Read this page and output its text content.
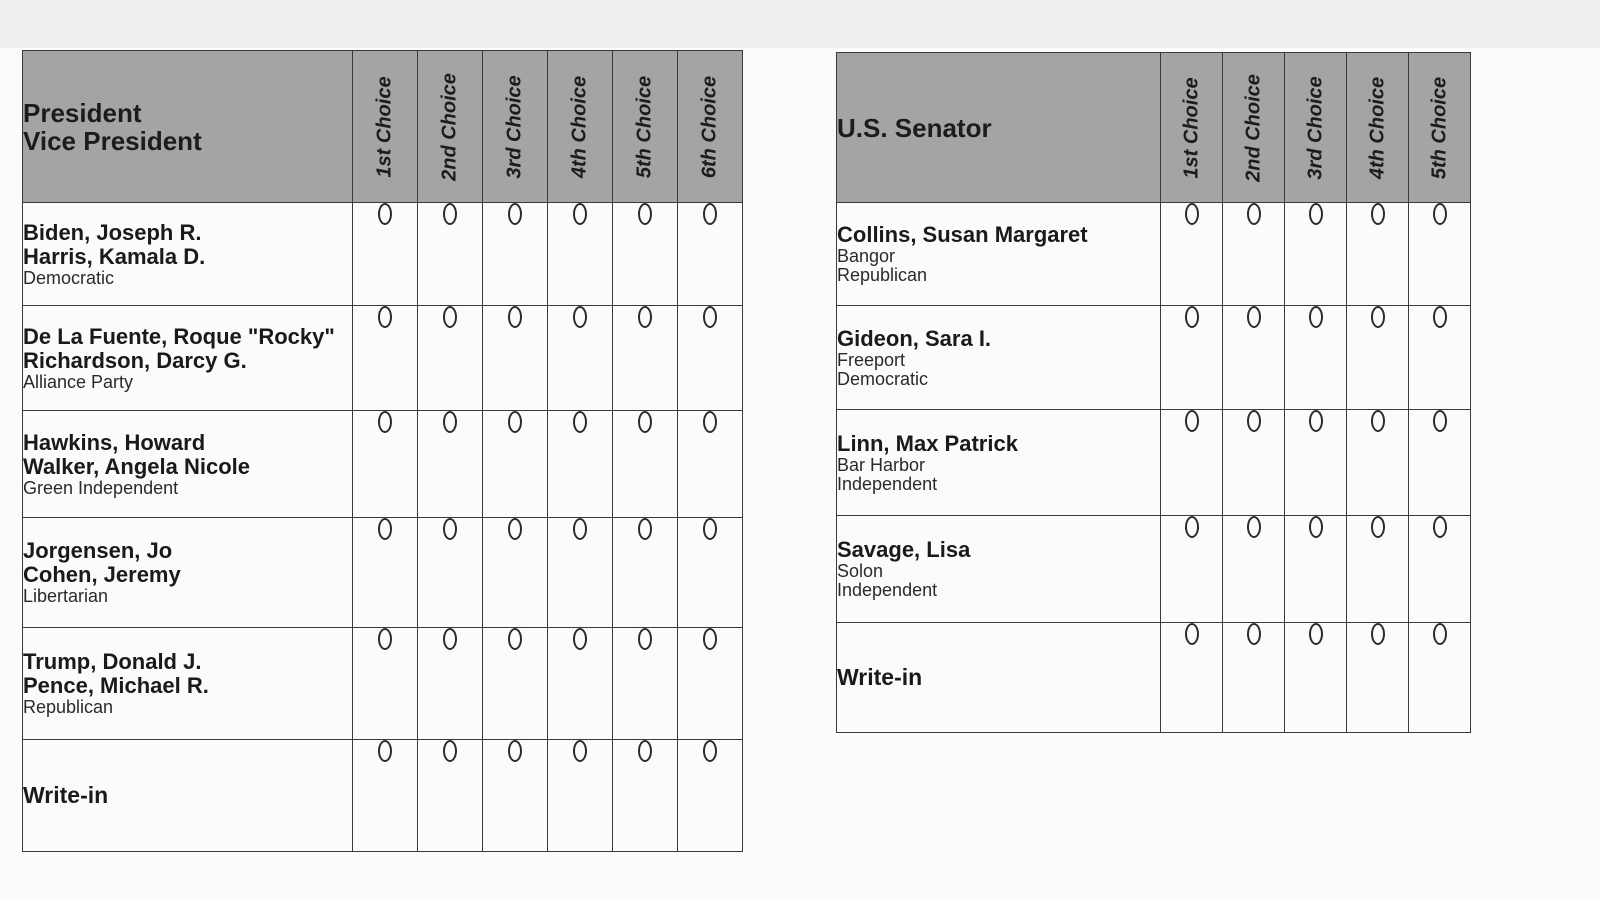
President
Vice President	1st Choice	2nd Choice	3rd Choice	4th Choice	5th Choice	6th Choice

Biden, Joseph R.
Harris, Kamala D.
Democratic						

De La Fuente, Roque "Rocky"
Richardson, Darcy G.
Alliance Party						

Hawkins, Howard
Walker, Angela Nicole
Green Independent						

Jorgensen, Jo
Cohen, Jeremy
Libertarian						

Trump, Donald J.
Pence, Michael R.
Republican						

Write-in						
U.S. Senator	1st Choice	2nd Choice	3rd Choice	4th Choice	5th Choice

Collins, Susan Margaret
Bangor
Republican					

Gideon, Sara I.
Freeport
Democratic					

Linn, Max Patrick
Bar Harbor
Independent					

Savage, Lisa
Solon
Independent					

Write-in					
